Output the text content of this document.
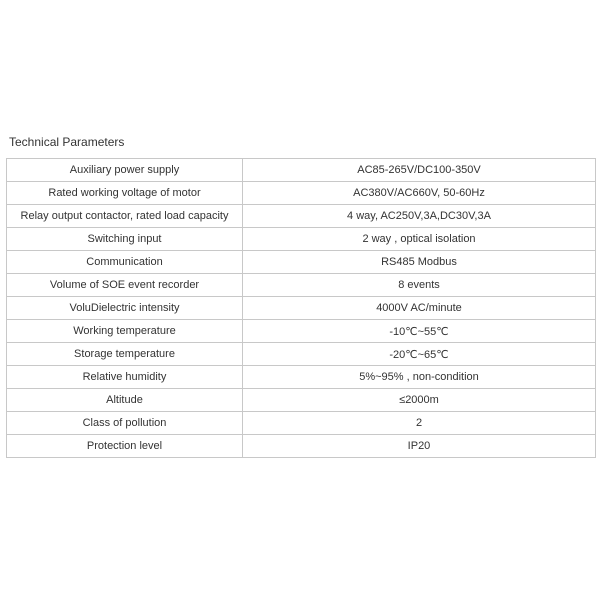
Technical Parameters
Auxiliary power supply	AC85-265V/DC100-350V
Rated working voltage of motor	AC380V/AC660V, 50-60Hz
Relay output contactor, rated load capacity	4 way, AC250V,3A,DC30V,3A
Switching input	2 way , optical isolation
Communication	RS485 Modbus
Volume of SOE event recorder	8 events
VoluDielectric intensity	4000V AC/minute
Working temperature	-10℃~55℃
Storage temperature	-20℃~65℃
Relative humidity	5%~95% , non-condition
Altitude	≤2000m
Class of pollution	2
Protection level	IP20
